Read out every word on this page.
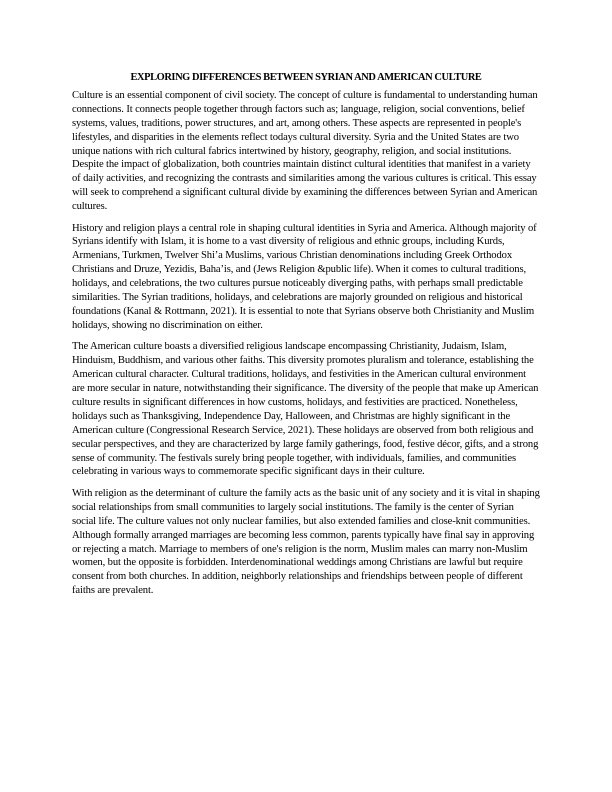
EXPLORING DIFFERENCES BETWEEN SYRIAN AND AMERICAN CULTURE

Culture is an essential component of civil society. The concept of culture is fundamental to understanding human connections. It connects people together through factors such as; language, religion, social conventions, belief systems, values, traditions, power structures, and art, among others. These aspects are represented in people's lifestyles, and disparities in the elements reflect todays cultural diversity. Syria and the United States are two unique nations with rich cultural fabrics intertwined by history, geography, religion, and social institutions. Despite the impact of globalization, both countries maintain distinct cultural identities that manifest in a variety of daily activities, and recognizing the contrasts and similarities among the various cultures is critical. This essay will seek to comprehend a significant cultural divide by examining the differences between Syrian and American cultures.

History and religion plays a central role in shaping cultural identities in Syria and America. Although majority of Syrians identify with Islam, it is home to a vast diversity of religious and ethnic groups, including Kurds, Armenians, Turkmen, Twelver Shi’a Muslims, various Christian denominations including Greek Orthodox Christians and Druze, Yezidis, Baha’is, and (Jews Religion &public life). When it comes to cultural traditions, holidays, and celebrations, the two cultures pursue noticeably diverging paths, with perhaps small predictable similarities. The Syrian traditions, holidays, and celebrations are majorly grounded on religious and historical foundations (Kanal & Rottmann, 2021). It is essential to note that Syrians observe both Christianity and Muslim holidays, showing no discrimination on either.

The American culture boasts a diversified religious landscape encompassing Christianity, Judaism, Islam, Hinduism, Buddhism, and various other faiths. This diversity promotes pluralism and tolerance, establishing the American cultural character. Cultural traditions, holidays, and festivities in the American cultural environment are more secular in nature, notwithstanding their significance. The diversity of the people that make up American culture results in significant differences in how customs, holidays, and festivities are practiced. Nonetheless, holidays such as Thanksgiving, Independence Day, Halloween, and Christmas are highly significant in the American culture (Congressional Research Service, 2021). These holidays are observed from both religious and secular perspectives, and they are characterized by large family gatherings, food, festive décor, gifts, and a strong sense of community. The festivals surely bring people together, with individuals, families, and communities celebrating in various ways to commemorate specific significant days in their culture.

With religion as the determinant of culture the family acts as the basic unit of any society and it is vital in shaping social relationships from small communities to largely social institutions. The family is the center of Syrian social life. The culture values not only nuclear families, but also extended families and close-knit communities. Although formally arranged marriages are becoming less common, parents typically have final say in approving or rejecting a match. Marriage to members of one's religion is the norm, Muslim males can marry non-Muslim women, but the opposite is forbidden. Interdenominational weddings among Christians are lawful but require consent from both churches. In addition, neighborly relationships and friendships between people of different faiths are prevalent.
